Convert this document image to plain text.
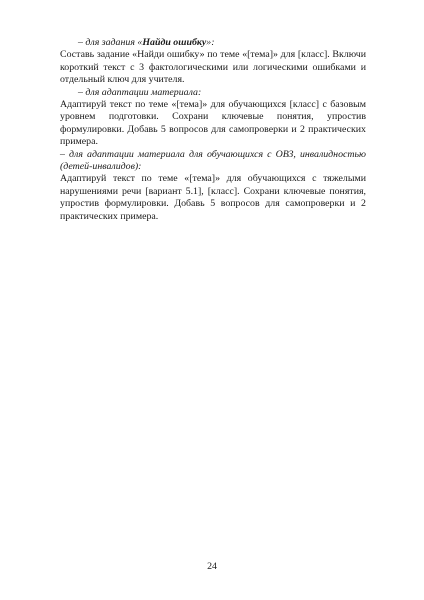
– для задания «Найди ошибку»:

Составь задание «Найди ошибку» по теме «[тема]» для [класс]. Включи короткий текст с 3 фактологическими или логическими ошибками и отдельный ключ для учителя.

– для адаптации материала:

Адаптируй текст по теме «[тема]» для обучающихся [класс] с базовым уровнем подготовки. Сохрани ключевые понятия, упростив формулировки. Добавь 5 вопросов для самопроверки и 2 практических примера.

– для адаптации материала для обучающихся с ОВЗ, инвалидностью (детей-инвалидов):

Адаптируй текст по теме «[тема]» для обучающихся с тяжелыми нарушениями речи [вариант 5.1], [класс]. Сохрани ключевые понятия, упростив формулировки. Добавь 5 вопросов для самопроверки и 2 практических примера.

24
